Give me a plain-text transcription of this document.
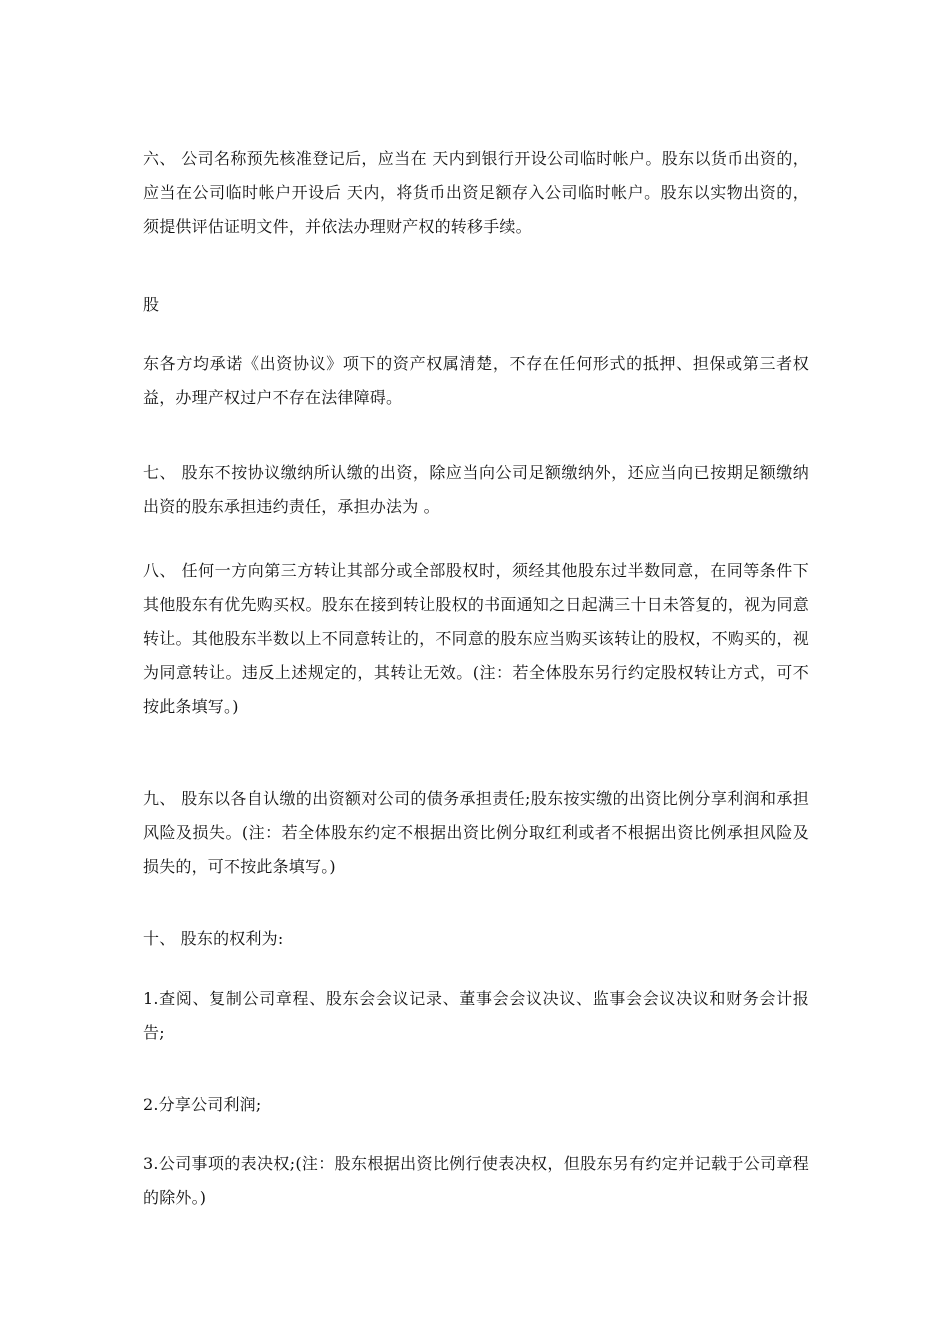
六、 公司名称预先核准登记后，应当在 天内到银行开设公司临时帐户。股东以货币出资的，应当在公司临时帐户开设后 天内，将货币出资足额存入公司临时帐户。股东以实物出资的，须提供评估证明文件，并依法办理财产权的转移手续。

股

东各方均承诺《出资协议》项下的资产权属清楚，不存在任何形式的抵押、担保或第三者权益，办理产权过户不存在法律障碍。

七、 股东不按协议缴纳所认缴的出资，除应当向公司足额缴纳外，还应当向已按期足额缴纳出资的股东承担违约责任，承担办法为 。

八、 任何一方向第三方转让其部分或全部股权时，须经其他股东过半数同意，在同等条件下其他股东有优先购买权。股东在接到转让股权的书面通知之日起满三十日未答复的，视为同意转让。其他股东半数以上不同意转让的，不同意的股东应当购买该转让的股权，不购买的，视为同意转让。违反上述规定的，其转让无效。(注：若全体股东另行约定股权转让方式，可不按此条填写。)

九、 股东以各自认缴的出资额对公司的债务承担责任;股东按实缴的出资比例分享利润和承担风险及损失。(注：若全体股东约定不根据出资比例分取红利或者不根据出资比例承担风险及损失的，可不按此条填写。)

十、 股东的权利为:

1.查阅、复制公司章程、股东会会议记录、董事会会议决议、监事会会议决议和财务会计报告;

2.分享公司利润;

3.公司事项的表决权;(注：股东根据出资比例行使表决权，但股东另有约定并记载于公司章程的除外。)
